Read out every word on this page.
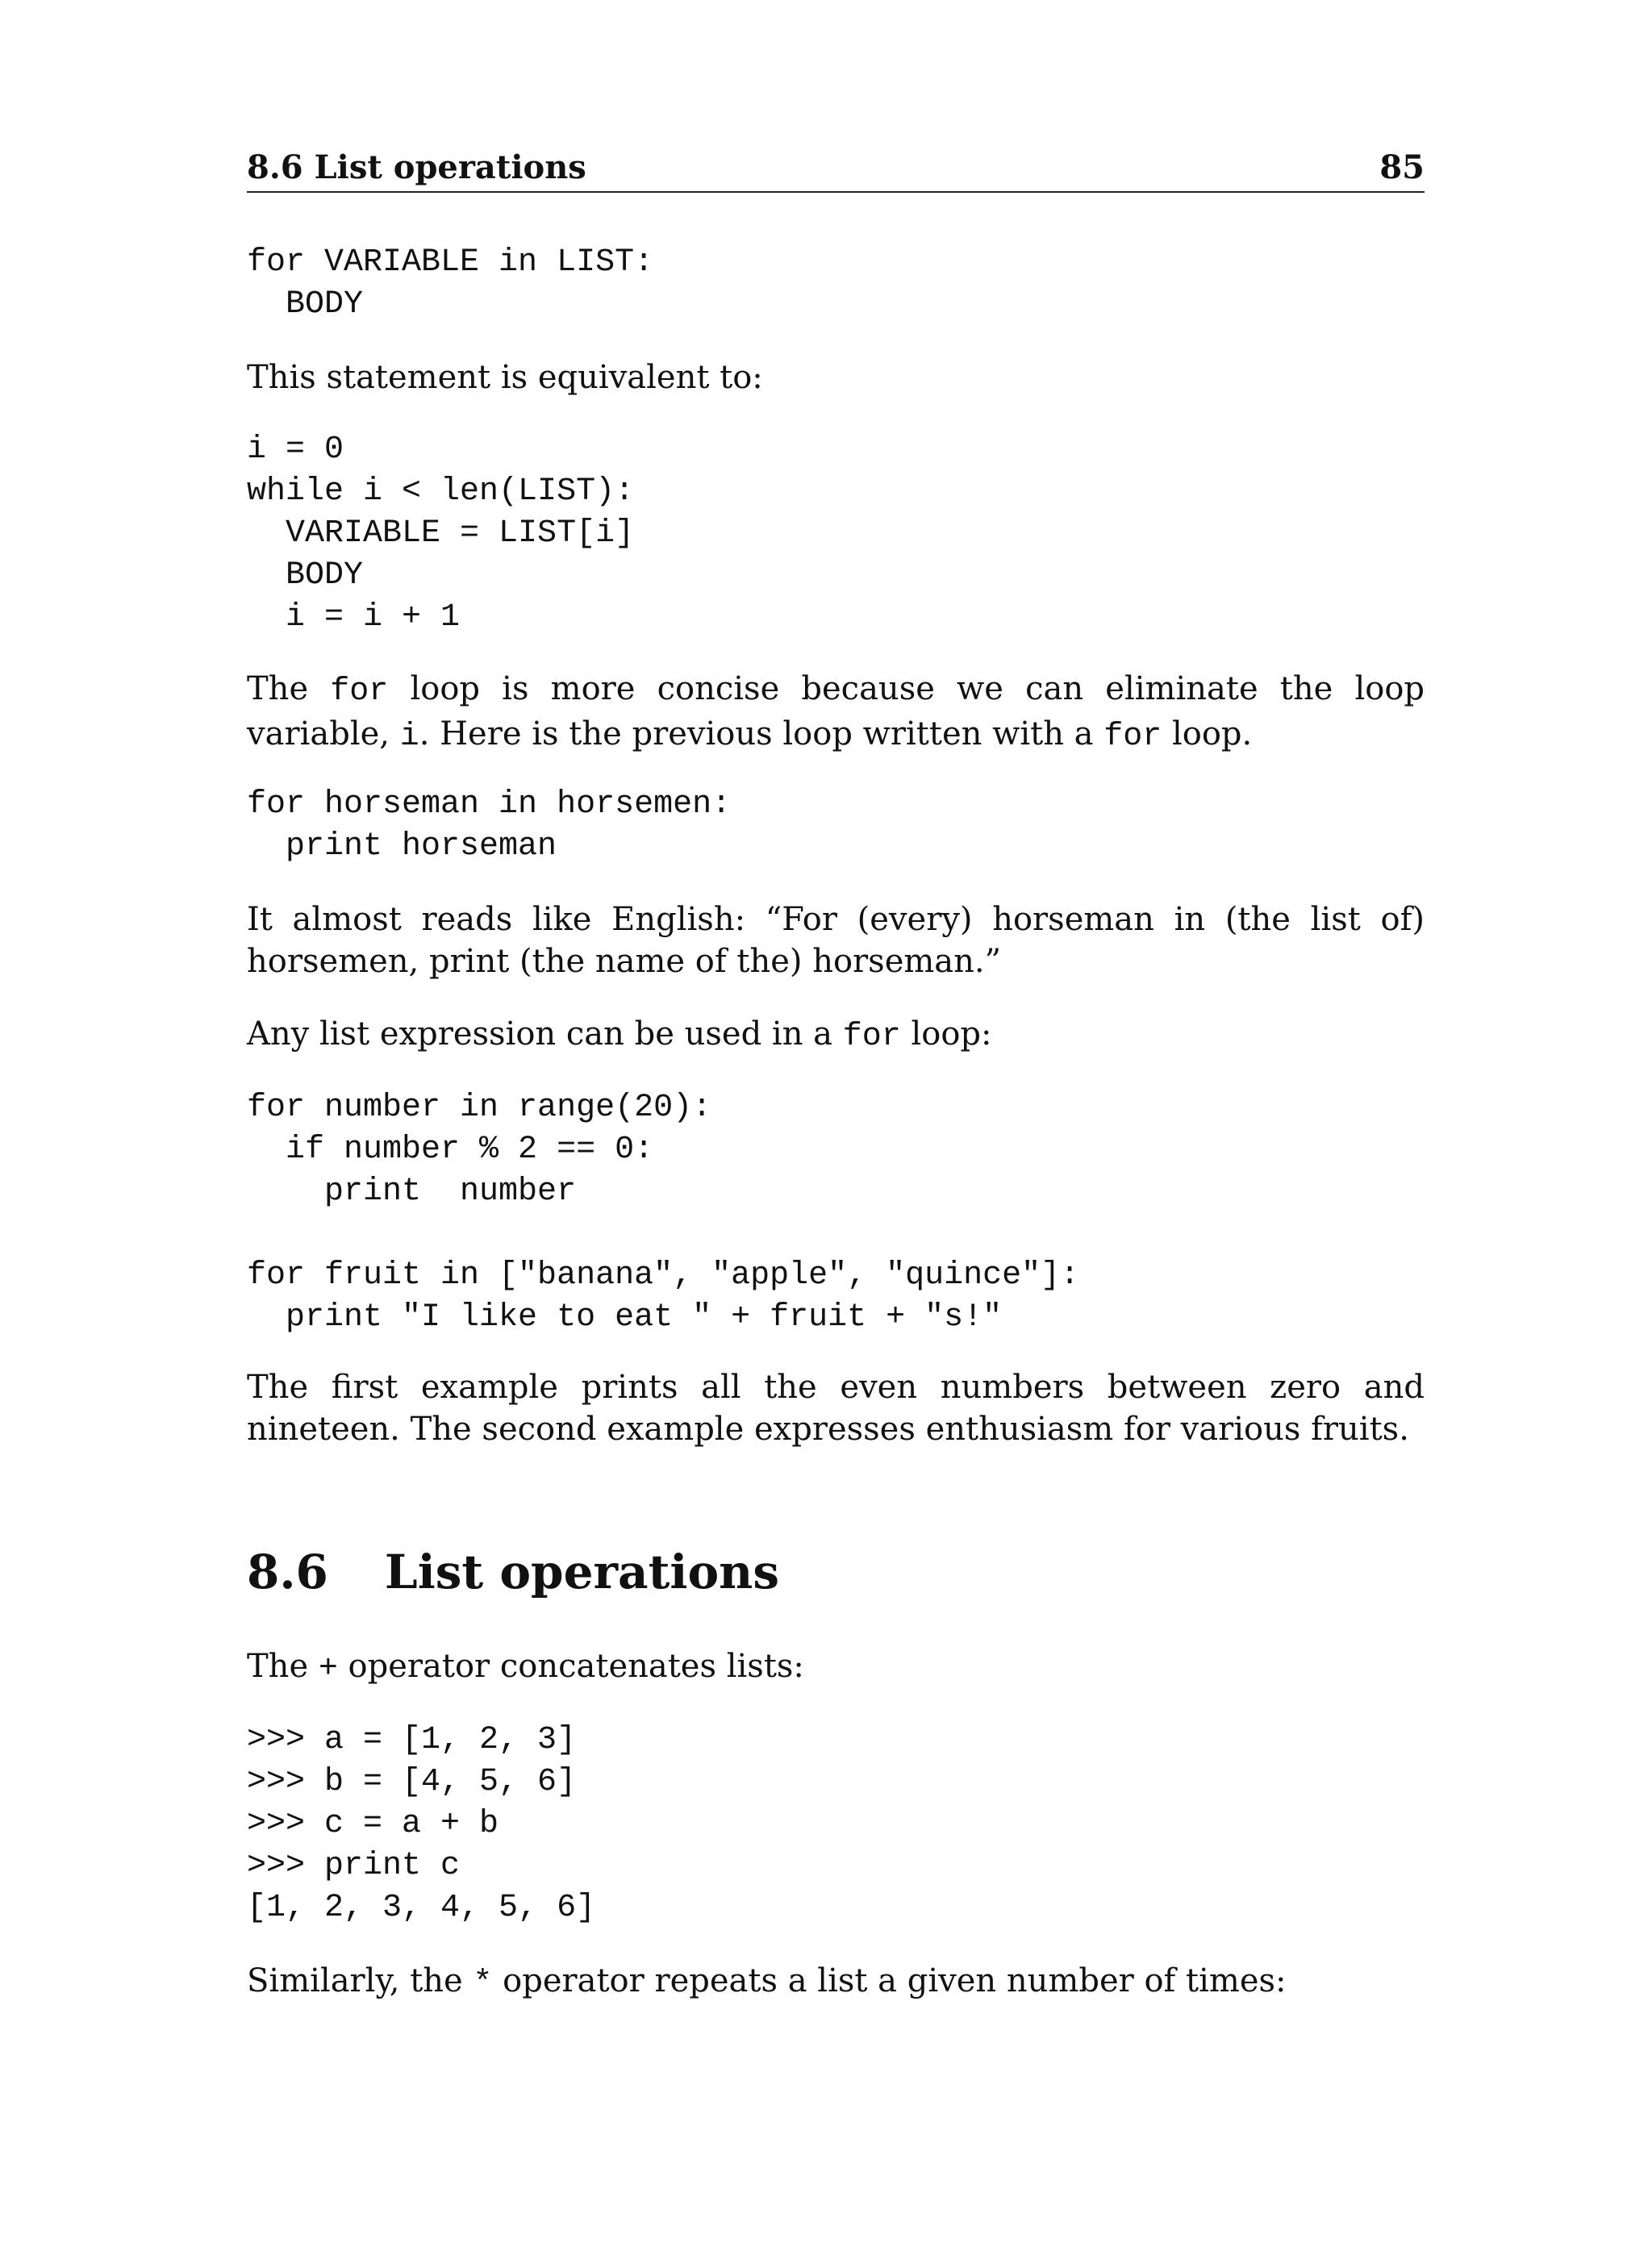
8.6 List operations	85
for VARIABLE in LIST:
BODY

This statement is equivalent to:

i = 0
while i < len(LIST):
VARIABLE = LIST[i]
BODY
i = i + 1

The for loop is more concise because we can eliminate the loop variable, i. Here is the previous loop written with a for loop.

for horseman in horsemen:
print horseman

It almost reads like English: “For (every) horseman in (the list of) horsemen, print (the name of the) horseman.”

Any list expression can be used in a for loop:

for number in range(20):
if number % 2 == 0:
print  number

for fruit in ["banana", "apple", "quince"]:
print "I like to eat " + fruit + "s!"

The first example prints all the even numbers between zero and nineteen. The second example expresses enthusiasm for various fruits.

8.6 List operations

The + operator concatenates lists:

>>> a = [1, 2, 3]
>>> b = [4, 5, 6]
>>> c = a + b
>>> print c
[1, 2, 3, 4, 5, 6]

Similarly, the * operator repeats a list a given number of times:
